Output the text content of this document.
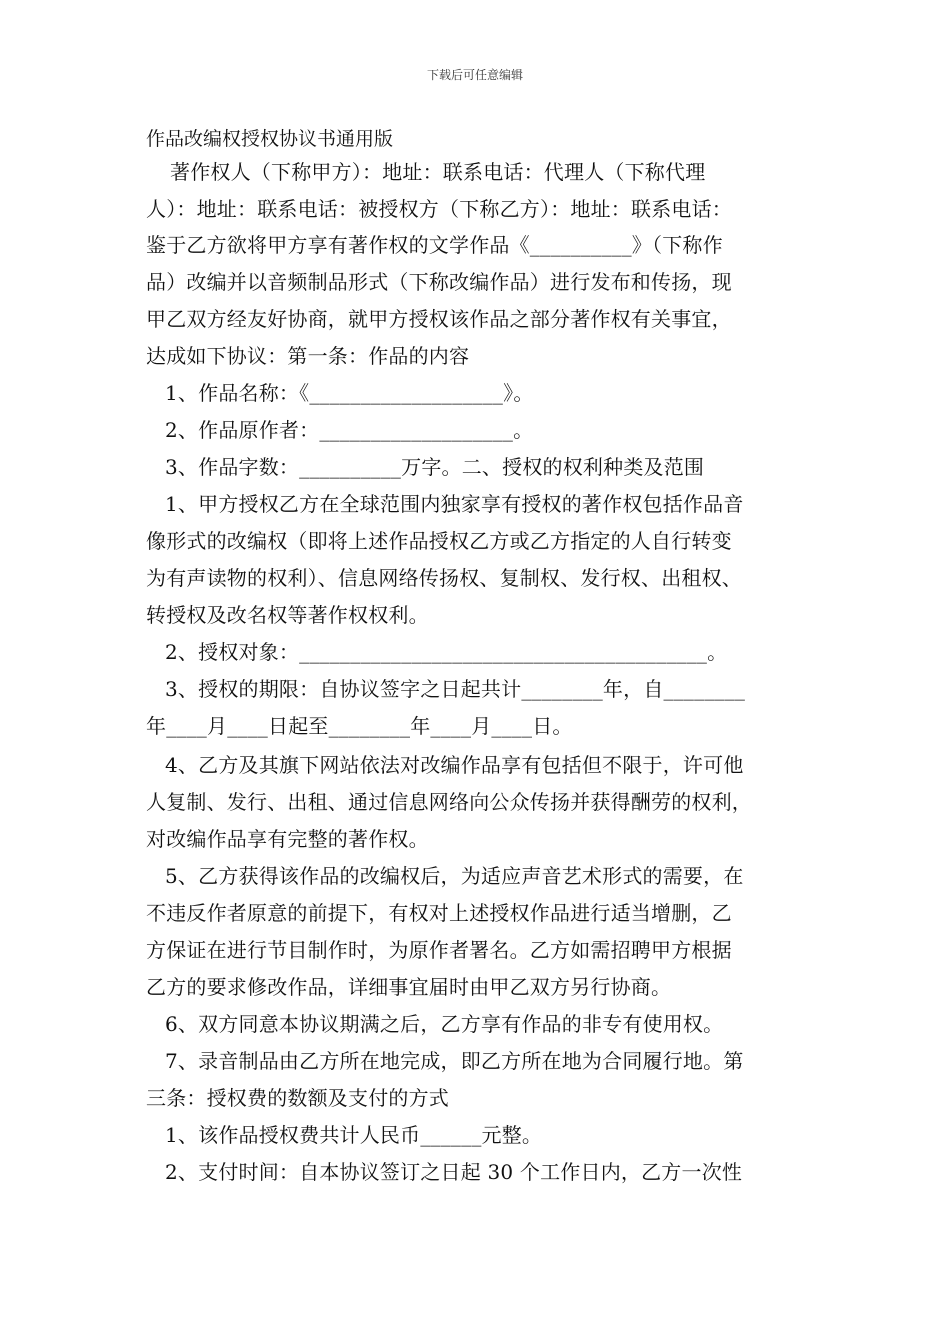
下载后可任意编辑
作品改编权授权协议书通用版
著作权人（下称甲方）：地址：联系电话：代理人（下称代理
人）：地址：联系电话：被授权方（下称乙方）：地址：联系电话：
鉴于乙方欲将甲方享有著作权的文学作品《__________》（下称作
品）改编并以音频制品形式（下称改编作品）进行发布和传扬，现
甲乙双方经友好协商，就甲方授权该作品之部分著作权有关事宜，
达成如下协议：第一条：作品的内容
1、作品名称：《___________________》。
2、作品原作者：___________________。
3、作品字数：__________万字。二、授权的权利种类及范围
1、甲方授权乙方在全球范围内独家享有授权的著作权包括作品音
像形式的改编权（即将上述作品授权乙方或乙方指定的人自行转变
为有声读物的权利）、信息网络传扬权、复制权、发行权、出租权、
转授权及改名权等著作权权利。
2、授权对象：________________________________________。
3、授权的期限：自协议签字之日起共计________年，自________
年____月____日起至________年____月____日。
4、乙方及其旗下网站依法对改编作品享有包括但不限于，许可他
人复制、发行、出租、通过信息网络向公众传扬并获得酬劳的权利，
对改编作品享有完整的著作权。
5、乙方获得该作品的改编权后，为适应声音艺术形式的需要，在
不违反作者原意的前提下，有权对上述授权作品进行适当增删，乙
方保证在进行节目制作时，为原作者署名。乙方如需招聘甲方根据
乙方的要求修改作品，详细事宜届时由甲乙双方另行协商。
6、双方同意本协议期满之后，乙方享有作品的非专有使用权。
7、录音制品由乙方所在地完成，即乙方所在地为合同履行地。第
三条：授权费的数额及支付的方式
1、该作品授权费共计人民币______元整。
2、支付时间：自本协议签订之日起 30 个工作日内，乙方一次性
